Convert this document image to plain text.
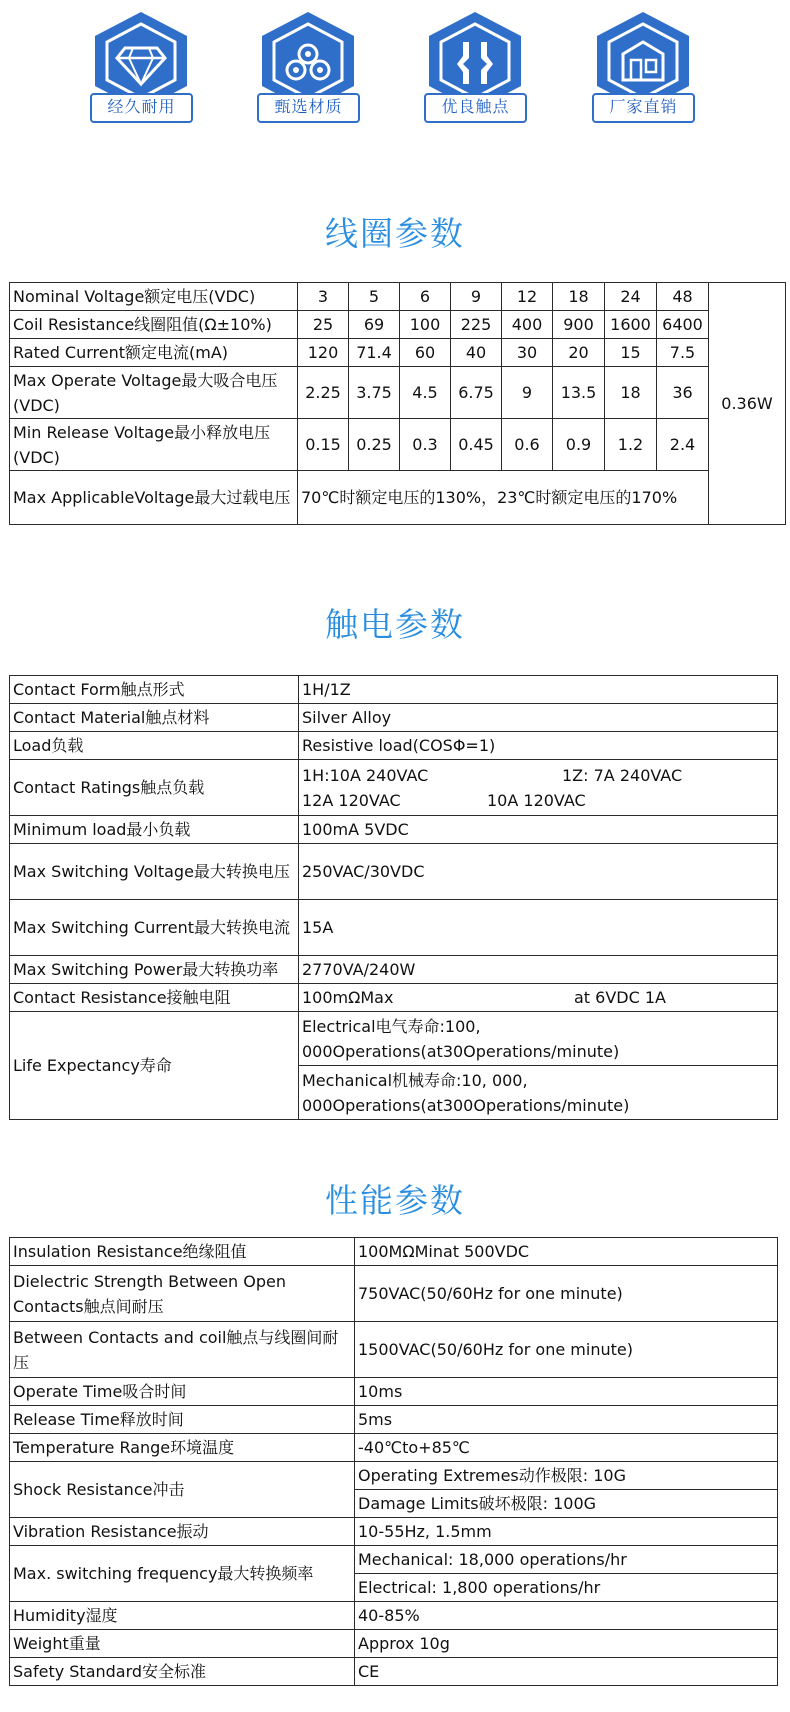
经久耐用	甄选材质	优良触点	厂家直销
线圈参数
Nominal Voltage额定电压(VDC)	3	5	6	9	12	18	24	48	0.36W
Coil Resistance线圈阻值(Ω±10%)	25	69	100	225	400	900	1600	6400	
Rated Current额定电流(mA)	120	71.4	60	40	30	20	15	7.5	
Max Operate Voltage最大吸合电压(VDC)	2.25	3.75	4.5	6.75	9	13.5	18	36	
Min Release Voltage最小释放电压(VDC)	0.15	0.25	0.3	0.45	0.6	0.9	1.2	2.4	
Max ApplicableVoltage最大过载电压	70℃时额定电压的130%，23℃时额定电压的170%								
触电参数
Contact Form触点形式	1H/1Z
Contact Material触点材料	Silver Alloy
Load负载	Resistive load(COSΦ=1)
Contact Ratings触点负载	1H:10A 240VAC 1Z: 7A 240VAC
12A 120VAC 10A 120VAC

Minimum load最小负载	100mA 5VDC
Max Switching Voltage最大转换电压	250VAC/30VDC
Max Switching Current最大转换电流	15A
Max Switching Power最大转换功率	2770VA/240W
Contact Resistance接触电阻	100mΩMax at 6VDC 1A
Life Expectancy寿命	Electrical电气寿命:100, 000Operations(at30Operations/minute)
	Mechanical机械寿命:10, 000, 000Operations(at300Operations/minute)
性能参数
Insulation Resistance绝缘阻值	100MΩMinat 500VDC
Dielectric Strength Between Open Contacts触点间耐压	750VAC(50/60Hz for one minute)
Between Contacts and coil触点与线圈间耐压	1500VAC(50/60Hz for one minute)
Operate Time吸合时间	10ms
Release Time释放时间	5ms
Temperature Range环境温度	-40℃to+85℃
Shock Resistance冲击	Operating Extremes动作极限: 10G
	Damage Limits破坏极限: 100G
Vibration Resistance振动	10-55Hz, 1.5mm
Max. switching frequency最大转换频率	Mechanical: 18,000 operations/hr
	Electrical: 1,800 operations/hr
Humidity湿度	40-85%
Weight重量	Approx 10g
Safety Standard安全标准	CE
